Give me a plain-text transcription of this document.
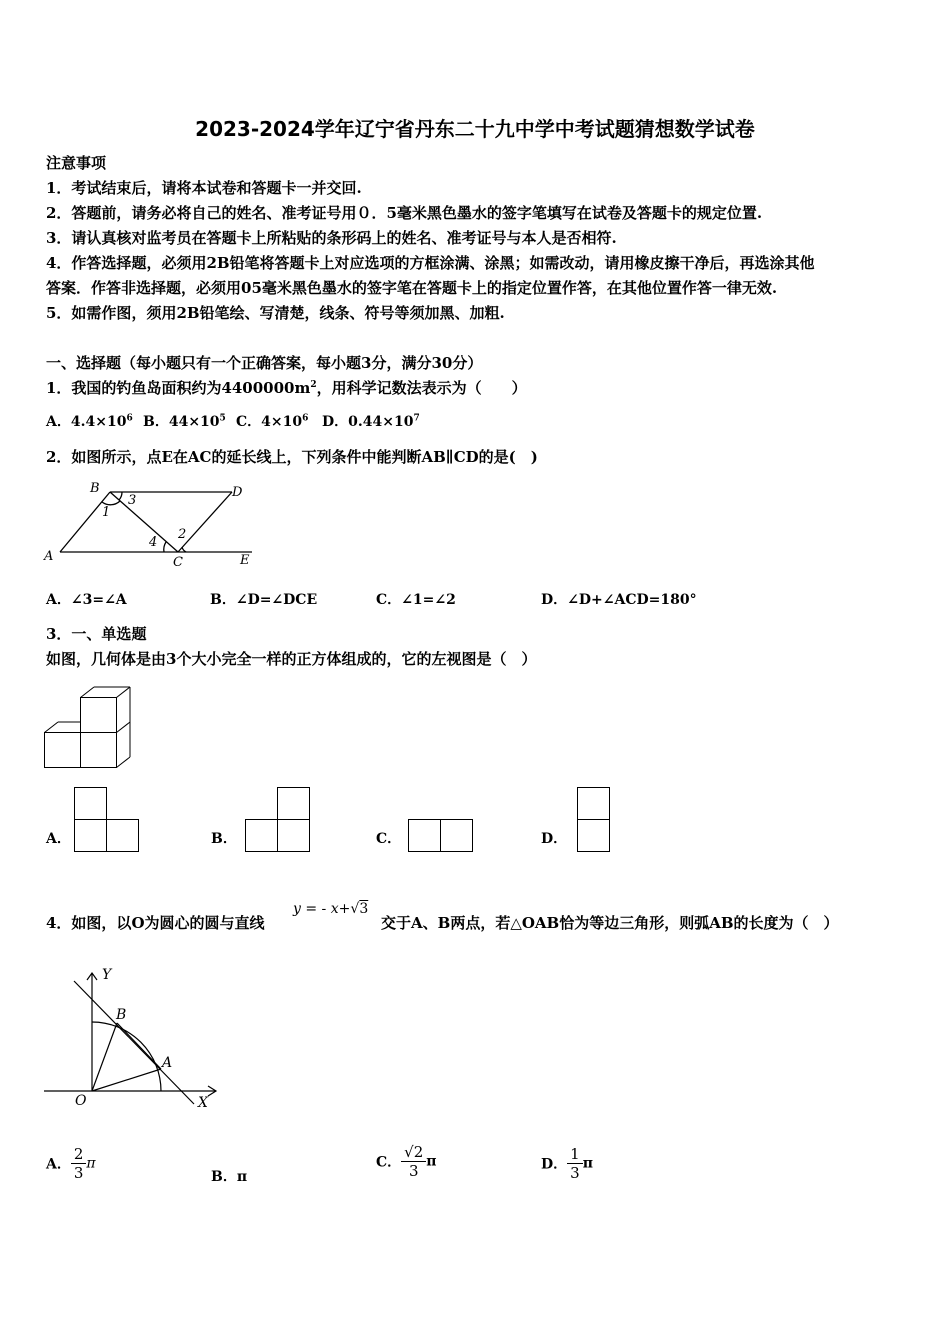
2023-2024学年辽宁省丹东二十九中学中考试题猜想数学试卷
注意事项
1．考试结束后，请将本试卷和答题卡一并交回.
2．答题前，请务必将自己的姓名、准考证号用０．5毫米黑色墨水的签字笔填写在试卷及答题卡的规定位置.
3．请认真核对监考员在答题卡上所粘贴的条形码上的姓名、准考证号与本人是否相符.
4．作答选择题，必须用2B铅笔将答题卡上对应选项的方框涂满、涂黑；如需改动，请用橡皮擦干净后，再选涂其他
答案．作答非选择题，必须用05毫米黑色墨水的签字笔在答题卡上的指定位置作答，在其他位置作答一律无效.
5．如需作图，须用2B铅笔绘、写清楚，线条、符号等须加黑、加粗.
一、选择题（每小题只有一个正确答案，每小题3分，满分30分）
1．我国的钓鱼岛面积约为$4400000m^2$，用科学记数法表示为（　　）
A．$4.4\times 10^6$ B．$44\times 10^5$ C．$4\times 10^6$ D．$0.44\times 10^7$
2．如图所示，点E在AC的延长线上，下列条件中能判断AB∥CD的是(　)
B	D
A	C	E
1
3
2
4
A．∠3=∠A	B．∠D=∠DCE	C．∠1=∠2	D．∠D+∠ACD=180°
3．一、单选题
如图，几何体是由3个大小完全一样的正方体组成的，它的左视图是（　）
A．	B．	C．	D．
4．如图，以O为圆心的圆与直线
y = - x+√3
交于A、B两点，若△OAB恰为等边三角形，则弧AB的长度为（　）
Y
X
O
B
A
A． $\frac{2}{3}$ π
B．π
C． $\frac{√2}{3}$ π	D． $\frac{1}{3}$ π
